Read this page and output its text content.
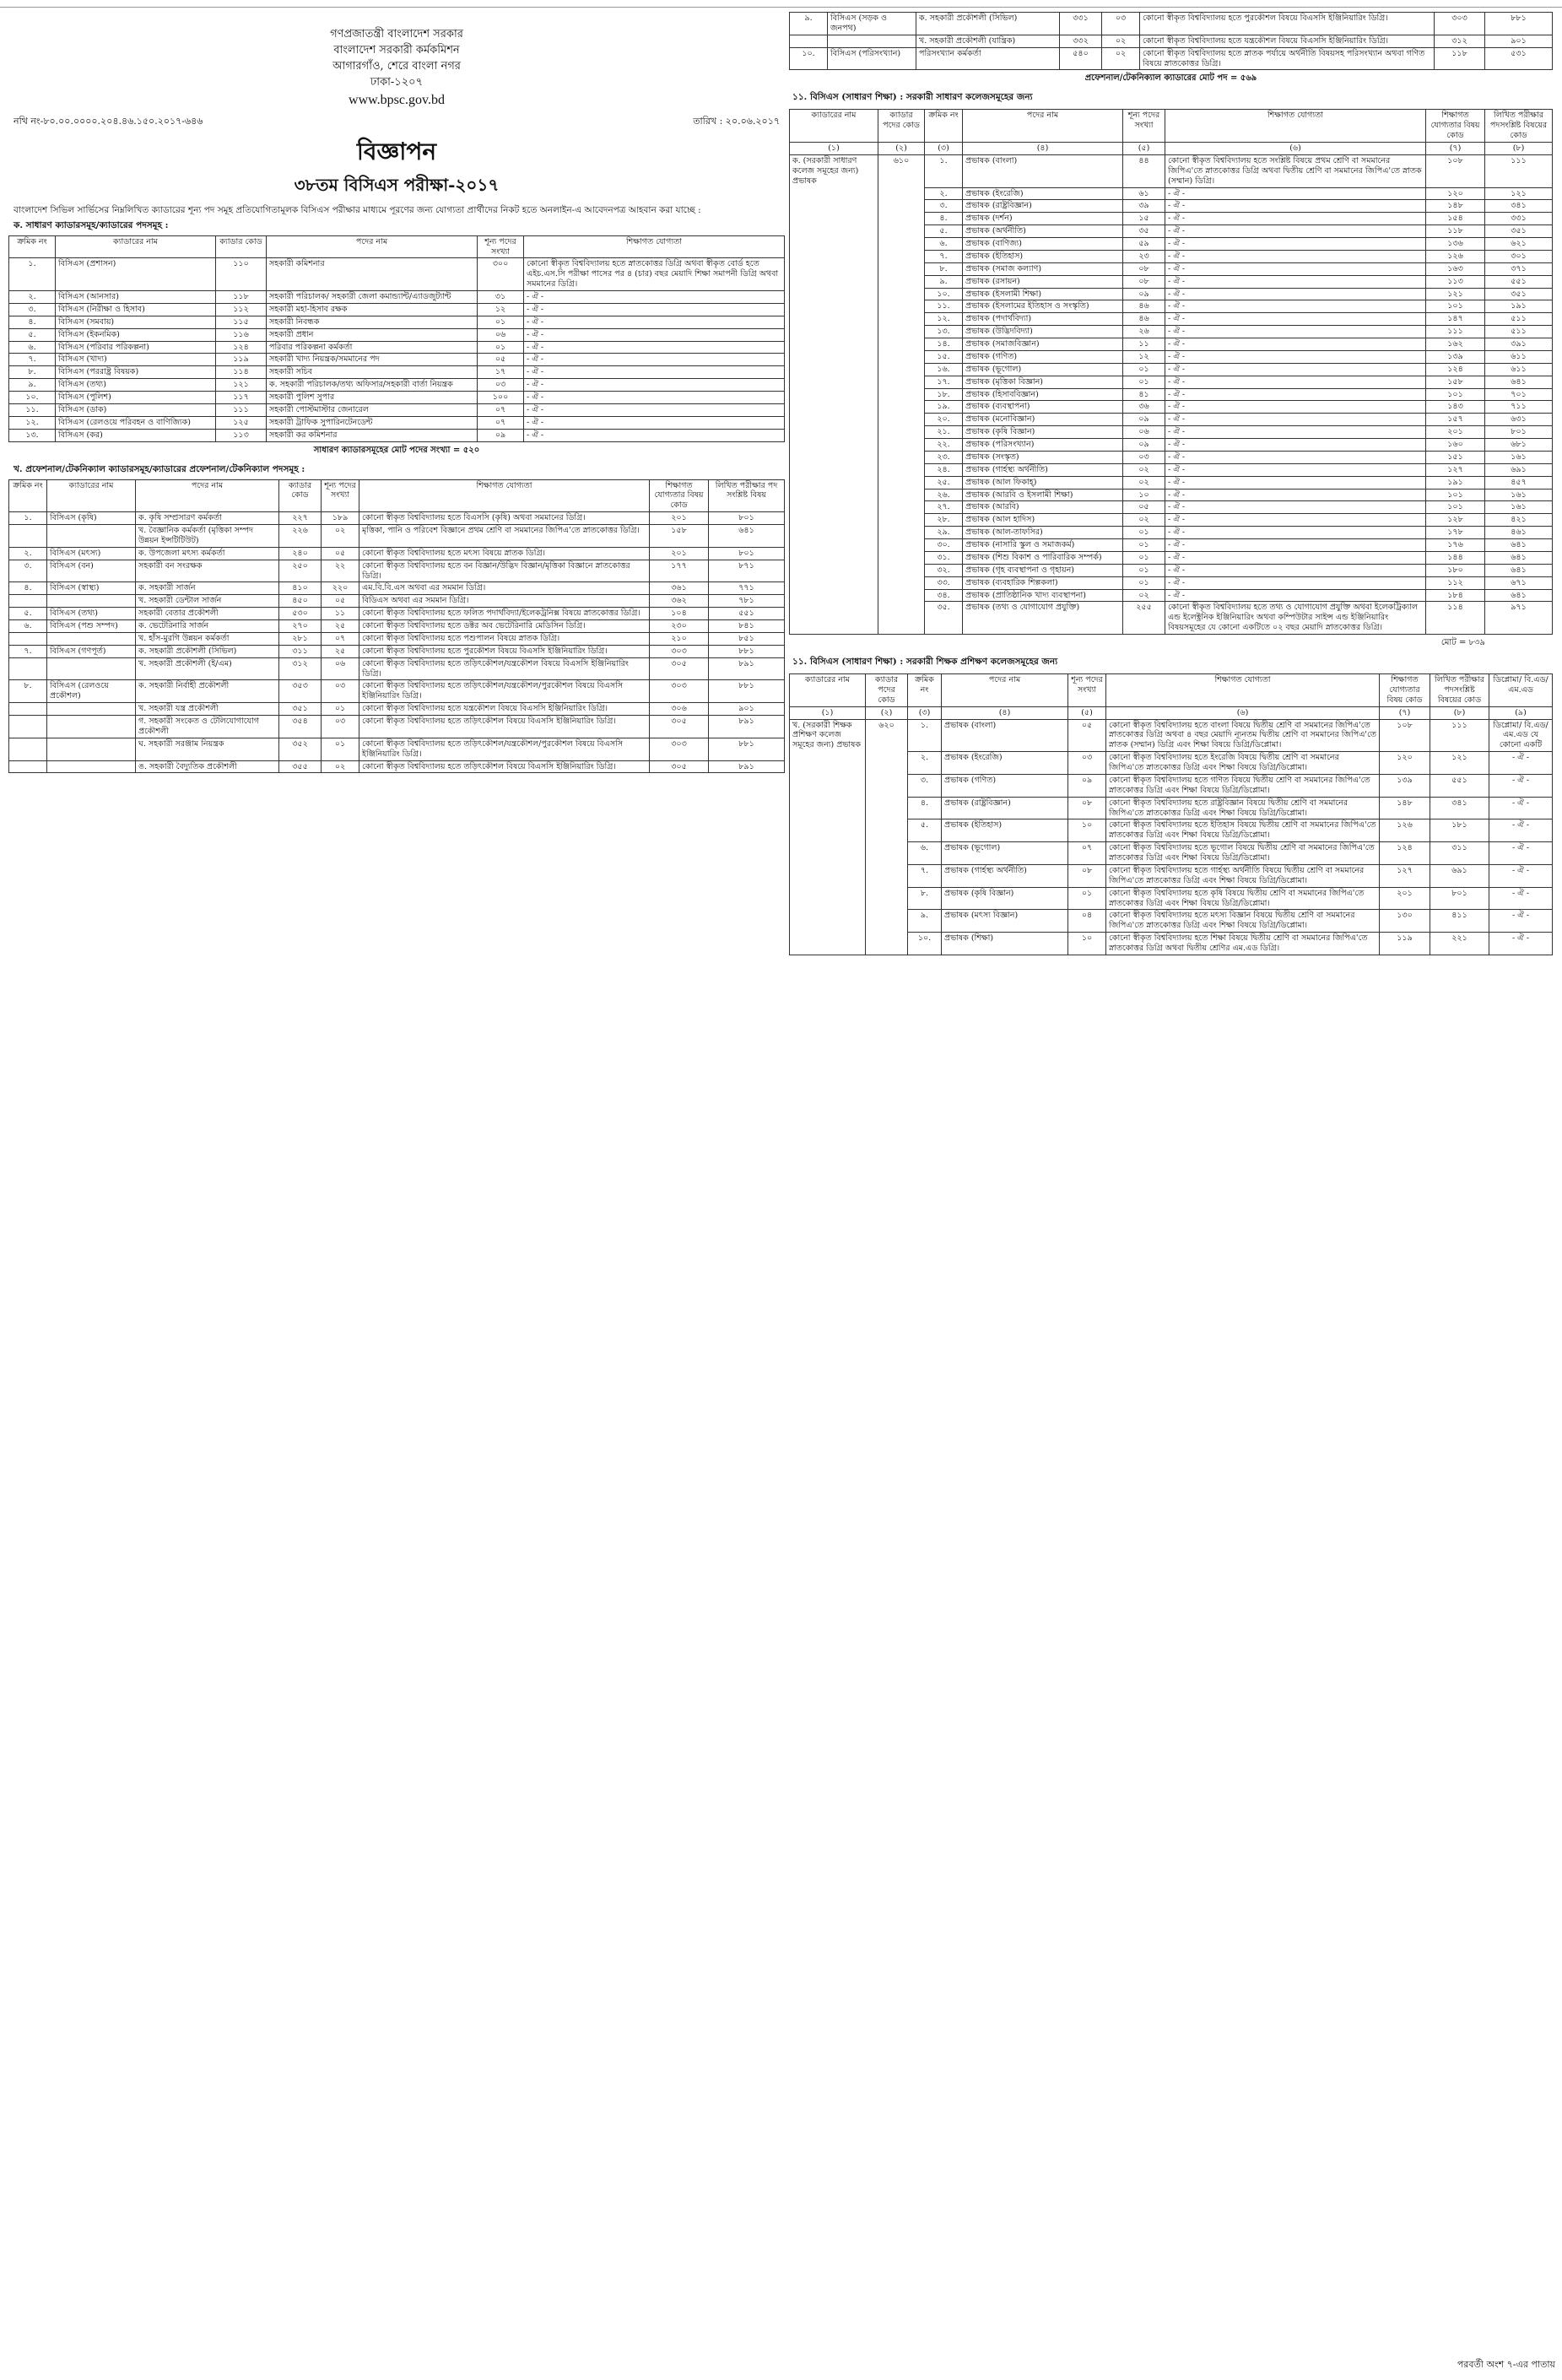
গণপ্রজাতন্ত্রী বাংলাদেশ সরকার
বাংলাদেশ সরকারী কর্মকমিশন
আগারগাঁও, শেরে বাংলা নগর
ঢাকা-১২০৭
www.bpsc.gov.bd
নথি নং-৮০.০০.০০০০.২০৪.৪৬.১৫০.২০১৭-৬৪৬	তারিখ : ২০.০৬.২০১৭
বিজ্ঞাপন
৩৮তম বিসিএস পরীক্ষা-২০১৭
বাংলাদেশ সিভিল সার্ভিসের নিম্নলিখিত ক্যাডারের শূন্য পদ সমূহ প্রতিযোগিতামূলক বিসিএস পরীক্ষার মাধ্যমে পূরণের জন্য যোগ্যতা প্রার্থীদের নিকট হতে অনলাইন-এ আবেদনপত্র আহবান করা যাচ্ছে :
ক. সাধারণ ক্যাডারসমূহ/ক্যাডারের পদসমূহ :
ক্রমিক নং	ক্যাডারের নাম	ক্যাডার কোড	পদের নাম	শূন্য পদের সংখ্যা	শিক্ষাগত যোগ্যতা
১.	বিসিএস (প্রশাসন)	১১০	সহকারী কমিশনার	৩০০	কোনো স্বীকৃত বিশ্ববিদ্যালয় হতে স্নাতকোত্তর ডিগ্রি অথবা স্বীকৃত বোর্ড হতে এইচ.এস.সি পরীক্ষা পাসের পর ৪ (চার) বছর মেয়াদি শিক্ষা সমাপনী ডিগ্রি অথবা সমমানের ডিগ্রি।
২.	বিসিএস (আনসার)	১১৮	সহকারী পরিচালক/ সহকারী জেলা কমান্ড্যান্ট/এ্যাডজুট্যান্ট	৩১	- ঐ -
৩.	বিসিএস (নিরীক্ষা ও হিসাব)	১১২	সহকারী মহা-হিসাব রক্ষক	১২	- ঐ -
৪.	বিসিএস (সমবায়)	১১৫	সহকারী নিবন্ধক	০১	- ঐ -
৫.	বিসিএস (ইকনমিক)	১১৬	সহকারী প্রধান	০৬	- ঐ -
৬.	বিসিএস (পরিবার পরিকল্পনা)	১২৪	পরিবার পরিকল্পনা কর্মকর্তা	০১	- ঐ -
৭.	বিসিএস (খাদ্য)	১১৯	সহকারী খাদ্য নিয়ন্ত্রক/সমমানের পদ	০৫	- ঐ -
৮.	বিসিএস (পররাষ্ট্র বিষয়ক)	১১৪	সহকারী সচিব	১৭	- ঐ -
৯.	বিসিএস (তথ্য)	১২১	ক. সহকারী পরিচালক/তথ্য অফিসার/সহকারী বার্তা নিয়ন্ত্রক	০৩	- ঐ -
১০.	বিসিএস (পুলিশ)	১১৭	সহকারী পুলিশ সুপার	১০০	- ঐ -
১১.	বিসিএস (ডাক)	১১১	সহকারী পোস্টমাস্টার জেনারেল	০৭	- ঐ -
১২.	বিসিএস (রেলওয়ে পরিবহন ও বাণিজ্যিক)	১২৫	সহকারী ট্রাফিক সুপারিনটেনডেন্ট	০৭	- ঐ -
১৩.	বিসিএস (কর)	১১৩	সহকারী কর কমিশনার	০৯	- ঐ -
সাধারণ ক্যাডারসমূহের মোট পদের সংখ্যা = ৫২০
খ. প্রফেশনাল/টেকনিক্যাল ক্যাডারসমূহ/ক্যাডারের প্রফেশনাল/টেকনিক্যাল পদসমূহ :
ক্রমিক নং	ক্যাডারের নাম	পদের নাম	ক্যাডার কোড	শূন্য পদের সংখ্যা	শিক্ষাগত যোগ্যতা	শিক্ষাগত যোগ্যতার বিষয় কোড	লিখিত পরীক্ষার পদ সংশ্লিষ্ট বিষয়
১.	বিসিএস (কৃষি)	ক. কৃষি সম্প্রসারণ কর্মকর্তা	২২৭	১৮৯	কোনো স্বীকৃত বিশ্ববিদ্যালয় হতে বিএসসি (কৃষি) অথবা সমমানের ডিগ্রি।	২০১	৮০১
		খ. বৈজ্ঞানিক কর্মকর্তা (মৃত্তিকা সম্পদ উন্নয়ন ইন্সটিটিউট)	২২৬	০২	মৃত্তিকা, পানি ও পরিবেশ বিজ্ঞানে প্রথম শ্রেণি বা সমমানের জিপিএ'তে স্নাতকোত্তর ডিগ্রি।	১৫৮	৬৪১
২.	বিসিএস (মৎস্য)	ক. উপজেলা মৎস্য কর্মকর্তা	২৪০	০৫	কোনো স্বীকৃত বিশ্ববিদ্যালয় হতে মৎস্য বিষয়ে স্নাতক ডিগ্রি।	২০১	৮০১
৩.	বিসিএস (বন)	সহকারী বন সংরক্ষক	২৫০	২২	কোনো স্বীকৃত বিশ্ববিদ্যালয় হতে বন বিজ্ঞান/উদ্ভিদ বিজ্ঞান/মৃত্তিকা বিজ্ঞানে স্নাতকোত্তর ডিগ্রি।	১৭৭	৮৭১
৪.	বিসিএস (স্বাস্থ্য)	ক. সহকারী সার্জন	৪১০	২২০	এম.বি.বি.এস অথবা এর সমমান ডিগ্রি।	৩৬১	৭৭১
		খ. সহকারী ডেন্টাল সার্জন	৪৫০	০৫	বিডিএস অথবা এর সমমান ডিগ্রি।	৩৬২	৭৮১
৫.	বিসিএস (তথ্য)	সহকারী বেতার প্রকৌশলী	৫৩০	১১	কোনো স্বীকৃত বিশ্ববিদ্যালয় হতে ফলিত পদার্থবিদ্যা/ইলেকট্রনিক্স বিষয়ে স্নাতকোত্তর ডিগ্রি।	১০৪	৫৫১
৬.	বিসিএস (পশু সম্পদ)	ক. ভেটেরিনারি সার্জন	২৭০	২৫	কোনো স্বীকৃত বিশ্ববিদ্যালয় হতে ডক্টর অব ভেটেরিনারি মেডিসিন ডিগ্রি।	২৩০	৮৪১
		খ. হাঁস-মুরগি উন্নয়ন কর্মকর্তা	২৮১	০৭	কোনো স্বীকৃত বিশ্ববিদ্যালয় হতে পশুপালন বিষয়ে স্নাতক ডিগ্রি।	২১০	৮৫১
৭.	বিসিএস (গণপূর্ত)	ক. সহকারী প্রকৌশলী (সিভিল)	৩১১	২৫	কোনো স্বীকৃত বিশ্ববিদ্যালয় হতে পুরকৌশল বিষয়ে বিএসসি ইঞ্জিনিয়ারিং ডিগ্রি।	৩০৩	৮৮১
		খ. সহকারী প্রকৌশলী (ই/এম)	৩১২	০৬	কোনো স্বীকৃত বিশ্ববিদ্যালয় হতে তড়িৎকৌশল/যন্ত্রকৌশল বিষয়ে বিএসসি ইঞ্জিনিয়ারিং ডিগ্রি।	৩০৫	৮৯১
৮.	বিসিএস (রেলওয়ে প্রকৌশল)	ক. সহকারী নির্বাহী প্রকৌশলী	৩৫৩	০৩	কোনো স্বীকৃত বিশ্ববিদ্যালয় হতে তড়িৎকৌশল/যন্ত্রকৌশল/পুরকৌশল বিষয়ে বিএসসি ইঞ্জিনিয়ারিং ডিগ্রি।	৩০৩	৮৮১
		খ. সহকারী যন্ত্র প্রকৌশলী	৩৫১	০১	কোনো স্বীকৃত বিশ্ববিদ্যালয় হতে যন্ত্রকৌশল বিষয়ে বিএসসি ইঞ্জিনিয়ারিং ডিগ্রি।	৩০৬	৯০১
		গ. সহকারী সংকেত ও টেলিযোগাযোগ প্রকৌশলী	৩৫৪	০৩	কোনো স্বীকৃত বিশ্ববিদ্যালয় হতে তড়িৎকৌশল বিষয়ে বিএসসি ইঞ্জিনিয়ারিং ডিগ্রি।	৩০৫	৮৯১
		ঘ. সহকারী সরঞ্জাম নিয়ন্ত্রক	৩৫২	০১	কোনো স্বীকৃত বিশ্ববিদ্যালয় হতে তড়িৎকৌশল/যন্ত্রকৌশল/পুরকৌশল বিষয়ে বিএসসি ইঞ্জিনিয়ারিং ডিগ্রি।	৩০৩	৮৮১
		ঙ. সহকারী বৈদ্যুতিক প্রকৌশলী	৩৫৫	০২	কোনো স্বীকৃত বিশ্ববিদ্যালয় হতে তড়িৎকৌশল বিষয়ে বিএসসি ইঞ্জিনিয়ারিং ডিগ্রি।	৩০৫	৮৯১
৯.	বিসিএস (সড়ক ও জনপথ)	ক. সহকারী প্রকৌশলী (সিভিল)	৩৩১	০৩	কোনো স্বীকৃত বিশ্ববিদ্যালয় হতে পুরকৌশল বিষয়ে বিএসসি ইঞ্জিনিয়ারিং ডিগ্রি।	৩০৩	৮৮১
		খ. সহকারী প্রকৌশলী (যান্ত্রিক)	৩৩২	০২	কোনো স্বীকৃত বিশ্ববিদ্যালয় হতে যন্ত্রকৌশল বিষয়ে বিএসসি ইঞ্জিনিয়ারিং ডিগ্রি।	৩১২	৯০১
১০.	বিসিএস (পরিসংখ্যান)	পরিসংখ্যান কর্মকর্তা	৫৪০	০২	কোনো স্বীকৃত বিশ্ববিদ্যালয় হতে স্নাতক পর্যায়ে অর্থনীতি বিষয়সহ পরিসংখ্যান অথবা গণিত বিষয়ে স্নাতকোত্তর ডিগ্রি।	১১৮	৫৩১
প্রফেশনাল/টেকনিক্যাল ক্যাডারের মোট পদ = ৫৬৯
১১. বিসিএস (সাধারণ শিক্ষা) : সরকারী সাধারণ কলেজসমূহের জন্য
ক্যাডারের নাম	ক্যাডার পদের কোড	ক্রমিক নং	পদের নাম	শূন্য পদের সংখ্যা	শিক্ষাগত যোগ্যতা	শিক্ষাগত যোগ্যতার বিষয় কোড	লিখিত পরীক্ষার পদসংশ্লিষ্ট বিষয়ের কোড
(১)	(২)	(৩)	(৪)	(৫)	(৬)	(৭)	(৮)
ক. (সরকারী সাধারণ কলেজ সমূহের জন্য) প্রভাষক	৬১০	১.	প্রভাষক (বাংলা)	৪৪	কোনো স্বীকৃত বিশ্ববিদ্যালয় হতে সংশ্লিষ্ট বিষয়ে প্রথম শ্রেণি বা সমমানের জিপিএ'তে স্নাতকোত্তর ডিগ্রি অথবা দ্বিতীয় শ্রেণি বা সমমানের জিপিএ'তে স্নাতক (সম্মান) ডিগ্রি।	১০৮	১১১
		২.	প্রভাষক (ইংরেজি)	৬১	- ঐ -	১২০	১২১
		৩.	প্রভাষক (রাষ্ট্রবিজ্ঞান)	৩৯	- ঐ -	১৪৮	৩৪১
		৪.	প্রভাষক (দর্শন)	১৫	- ঐ -	১৫৪	৩৩১
		৫.	প্রভাষক (অর্থনীতি)	৩৫	- ঐ -	১১৮	৩৫১
		৬.	প্রভাষক (বাণিজ্য)	৫৯	- ঐ -	১৩৬	৬২১
		৭.	প্রভাষক (ইতিহাস)	২৩	- ঐ -	১২৬	৩০১
		৮.	প্রভাষক (সমাজ কল্যাণ)	০৮	- ঐ -	১৬৩	৩৭১
		৯.	প্রভাষক (রসায়ন)	০৮	- ঐ -	১১৩	৫৫১
		১০.	প্রভাষক (ইসলামী শিক্ষা)	০৯	- ঐ -	১২১	৩৫১
		১১.	প্রভাষক (ইসলামের ইতিহাস ও সংস্কৃতি)	৪৬	- ঐ -	১০১	১৯১
		১২.	প্রভাষক (পদার্থবিদ্যা)	৪৬	- ঐ -	১৪৭	৫১১
		১৩.	প্রভাষক (উদ্ভিদবিদ্যা)	২৬	- ঐ -	১১১	৫১১
		১৪.	প্রভাষক (সমাজবিজ্ঞান)	১১	- ঐ -	১৬২	৩৯১
		১৫.	প্রভাষক (গণিত)	১২	- ঐ -	১৩৯	৬১১
		১৬.	প্রভাষক (ভূগোল)	০১	- ঐ -	১২৪	৬১১
		১৭.	প্রভাষক (মৃত্তিকা বিজ্ঞান)	০১	- ঐ -	১৫৮	৬৪১
		১৮.	প্রভাষক (হিসাববিজ্ঞান)	৪১	- ঐ -	১০১	৭০১
		১৯.	প্রভাষক (ব্যবস্থাপনা)	৩৬	- ঐ -	১৪৩	৭১১
		২০.	প্রভাষক (মনোবিজ্ঞান)	০৯	- ঐ -	১৫৭	৬৩১
		২১.	প্রভাষক (কৃষি বিজ্ঞান)	০৬	- ঐ -	২০১	৮০১
		২২.	প্রভাষক (পরিসংখ্যান)	০৯	- ঐ -	১৬০	৬৮১
		২৩.	প্রভাষক (সংস্কৃত)	০৩	- ঐ -	১৫১	১৬১
		২৪.	প্রভাষক (গার্হস্থ্য অর্থনীতি)	০২	- ঐ -	১২৭	৬৯১
		২৫.	প্রভাষক (আল ফিকাহ্)	০২	- ঐ -	১৯১	৪৫৭
		২৬.	প্রভাষক (আরবি ও ইসলামী শিক্ষা)	১০	- ঐ -	১০১	১৬১
		২৭.	প্রভাষক (আরবি)	০৫	- ঐ -	১০১	১৬১
		২৮.	প্রভাষক (আল হাদিস)	০২	- ঐ -	১২৮	৪২১
		২৯.	প্রভাষক (আল-তাফসির)	০১	- ঐ -	১৭৮	৪৬১
		৩০.	প্রভাষক (নাসারি স্কুল ও সমাজকর্ম)	০১	- ঐ -	১৭৬	৬৪১
		৩১.	প্রভাষক (শিশু বিকাশ ও পারিবারিক সম্পর্ক)	০১	- ঐ -	১৪৪	৬৪১
		৩২.	প্রভাষক (গৃহ ব্যবস্থাপনা ও গৃহায়ন)	০১	- ঐ -	১৮০	৬৪১
		৩৩.	প্রভাষক (ব্যবহারিক শিল্পকলা)	০১	- ঐ -	১১২	৬৭১
		৩৪.	প্রভাষক (প্রাতিষ্ঠানিক খাদ্য ব্যবস্থাপনা)	০২	- ঐ -	১৮৪	৬৪১
		৩৫.	প্রভাষক (তথ্য ও যোগাযোগ প্রযুক্তি)	২৫৫	কোনো স্বীকৃত বিশ্ববিদ্যালয় হতে তথ্য ও যোগাযোগ প্রযুক্তি অথবা ইলেকট্রিক্যাল এন্ড ইলেক্ট্রনিক ইঞ্জিনিয়ারিং অথবা কম্পিউটার সাইন্স এন্ড ইঞ্জিনিয়ারিং বিষয়সমূহের যে কোনো একটিতে ০২ বছর মেয়াদি স্নাতকোত্তর ডিগ্রি।	১১৪	৯৭১
মোট = ৮৩৯
১১. বিসিএস (সাধারণ শিক্ষা) : সরকারী শিক্ষক প্রশিক্ষণ কলেজসমূহের জন্য
ক্যাডারের নাম	ক্যাডার পদের কোড	ক্রমিক নং	পদের নাম	শূন্য পদের সংখ্যা	শিক্ষাগত যোগ্যতা	শিক্ষাগত যোগ্যতার বিষয় কোড	লিখিত পরীক্ষার পদসংশ্লিষ্ট বিষয়ের কোড	ডিপ্লোমা/ বি.এড/ এম.এড
(১)	(২)	(৩)	(৪)	(৫)	(৬)	(৭)	(৮)	(৯)
খ. (সরকারী শিক্ষক প্রশিক্ষণ কলেজ সমূহের জন্য) প্রভাষক	৬২০	১.	প্রভাষক (বাংলা)	০৫	কোনো স্বীকৃত বিশ্ববিদ্যালয় হতে বাংলা বিষয়ে দ্বিতীয় শ্রেণি বা সমমানের জিপিএ'তে স্নাতকোত্তর ডিগ্রি অথবা ৪ বছর মেয়াদি ন্যূনতম দ্বিতীয় শ্রেণি বা সমমানের জিপিএ'তে স্নাতক (সম্মান) ডিগ্রি এবং শিক্ষা বিষয়ে ডিগ্রি/ডিপ্লোমা।	১০৮	১১১	ডিপ্লোমা/ বি.এড/ এম.এড যে কোনো একটি
		২.	প্রভাষক (ইংরেজি)	০৩	কোনো স্বীকৃত বিশ্ববিদ্যালয় হতে ইংরেজি বিষয়ে দ্বিতীয় শ্রেণি বা সমমানের জিপিএ'তে স্নাতকোত্তর ডিগ্রি এবং শিক্ষা বিষয়ে ডিগ্রি/ডিপ্লোমা।	১২০	১২১	- ঐ -
		৩.	প্রভাষক (গণিত)	০৯	কোনো স্বীকৃত বিশ্ববিদ্যালয় হতে গণিত বিষয়ে দ্বিতীয় শ্রেণি বা সমমানের জিপিএ'তে স্নাতকোত্তর ডিগ্রি এবং শিক্ষা বিষয়ে ডিগ্রি/ডিপ্লোমা।	১৩৯	৫৫১	- ঐ -
		৪.	প্রভাষক (রাষ্ট্রবিজ্ঞান)	০৮	কোনো স্বীকৃত বিশ্ববিদ্যালয় হতে রাষ্ট্রবিজ্ঞান বিষয়ে দ্বিতীয় শ্রেণি বা সমমানের জিপিএ'তে স্নাতকোত্তর ডিগ্রি এবং শিক্ষা বিষয়ে ডিগ্রি/ডিপ্লোমা।	১৪৮	৩৪১	- ঐ -
		৫.	প্রভাষক (ইতিহাস)	১০	কোনো স্বীকৃত বিশ্ববিদ্যালয় হতে ইতিহাস বিষয়ে দ্বিতীয় শ্রেণি বা সমমানের জিপিএ'তে স্নাতকোত্তর ডিগ্রি এবং শিক্ষা বিষয়ে ডিগ্রি/ডিপ্লোমা।	১২৬	১৮১	- ঐ -
		৬.	প্রভাষক (ভূগোল)	০৭	কোনো স্বীকৃত বিশ্ববিদ্যালয় হতে ভূগোল বিষয়ে দ্বিতীয় শ্রেণি বা সমমানের জিপিএ'তে স্নাতকোত্তর ডিগ্রি এবং শিক্ষা বিষয়ে ডিগ্রি/ডিপ্লোমা।	১২৪	৩১১	- ঐ -
		৭.	প্রভাষক (গার্হস্থ্য অর্থনীতি)	০৮	কোনো স্বীকৃত বিশ্ববিদ্যালয় হতে গার্হস্থ্য অর্থনীতি বিষয়ে দ্বিতীয় শ্রেণি বা সমমানের জিপিএ'তে স্নাতকোত্তর ডিগ্রি এবং শিক্ষা বিষয়ে ডিগ্রি/ডিপ্লোমা।	১২৭	৬৯১	- ঐ -
		৮.	প্রভাষক (কৃষি বিজ্ঞান)	০১	কোনো স্বীকৃত বিশ্ববিদ্যালয় হতে কৃষি বিষয়ে দ্বিতীয় শ্রেণি বা সমমানের জিপিএ'তে স্নাতকোত্তর ডিগ্রি এবং শিক্ষা বিষয়ে ডিগ্রি/ডিপ্লোমা।	২০১	৮০১	- ঐ -
		৯.	প্রভাষক (মৎস্য বিজ্ঞান)	০৪	কোনো স্বীকৃত বিশ্ববিদ্যালয় হতে মৎস্য বিজ্ঞান বিষয়ে দ্বিতীয় শ্রেণি বা সমমানের জিপিএ'তে স্নাতকোত্তর ডিগ্রি এবং শিক্ষা বিষয়ে ডিগ্রি/ডিপ্লোমা।	১৩০	৪১১	- ঐ -
		১০.	প্রভাষক (শিক্ষা)	১০	কোনো স্বীকৃত বিশ্ববিদ্যালয় হতে শিক্ষা বিষয়ে দ্বিতীয় শ্রেণি বা সমমানের জিপিএ'তে স্নাতকোত্তর ডিগ্রি অথবা দ্বিতীয় শ্রেণির এম.এড ডিগ্রি।	১১৯	২২১	- ঐ -
পরবর্তী অংশ ৭-এর পাতায়
